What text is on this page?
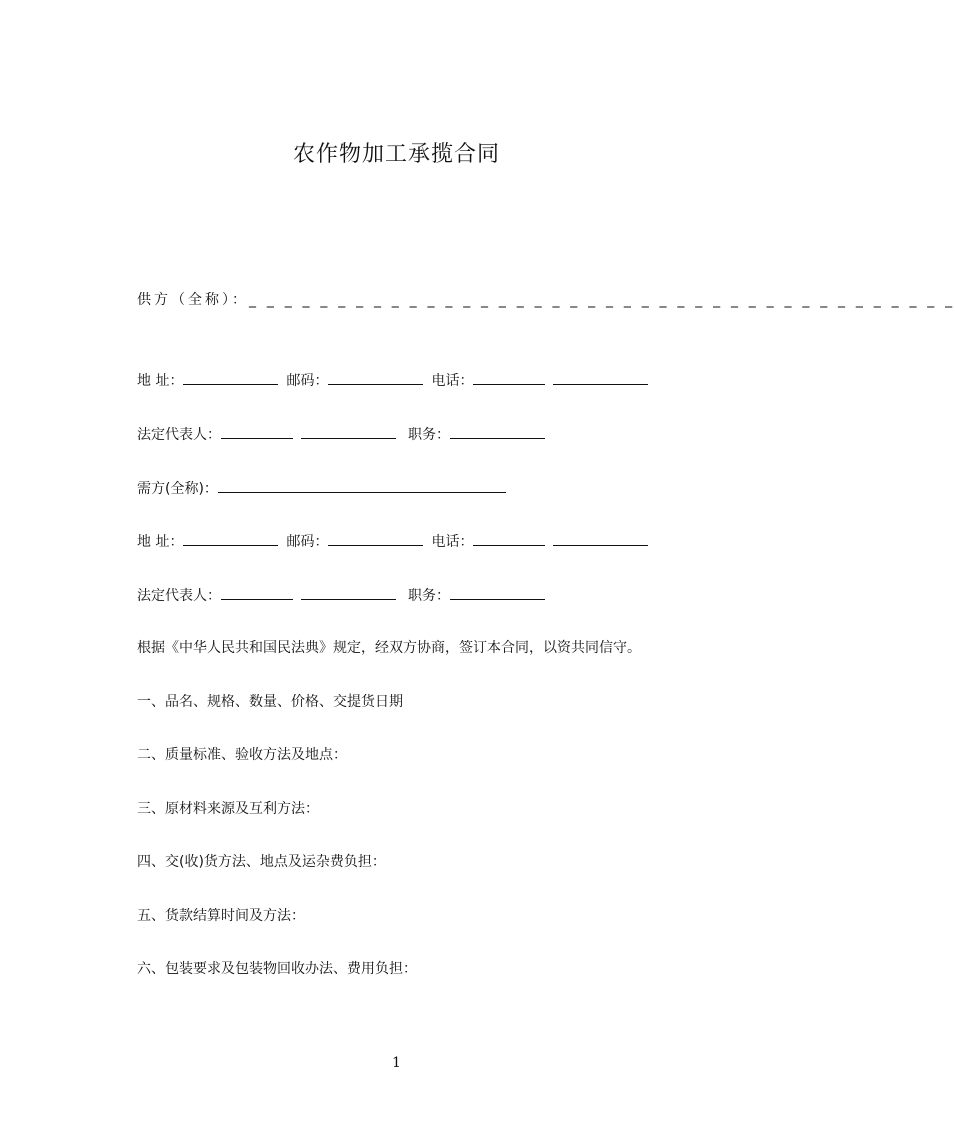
农作物加工承揽合同
供方（全称）：_ _ _ _ _ _ _ _ _ _ _ _ _ _ _ _ _ _ _ _ _ _ _ _ _ _ _ _ _ _ _ _ _ _ _ _ _ _ _ _
地 址：	邮码：	电话：
法定代表人：	职务：
需方(全称)：
地 址：	邮码：	电话：
法定代表人：	职务：
根据《中华人民共和国民法典》规定，经双方协商，签订本合同，以资共同信守。
一、品名、规格、数量、价格、交提货日期
二、质量标准、验收方法及地点：
三、原材料来源及互利方法：
四、交(收)货方法、地点及运杂费负担：
五、货款结算时间及方法：
六、包装要求及包装物回收办法、费用负担：
1
